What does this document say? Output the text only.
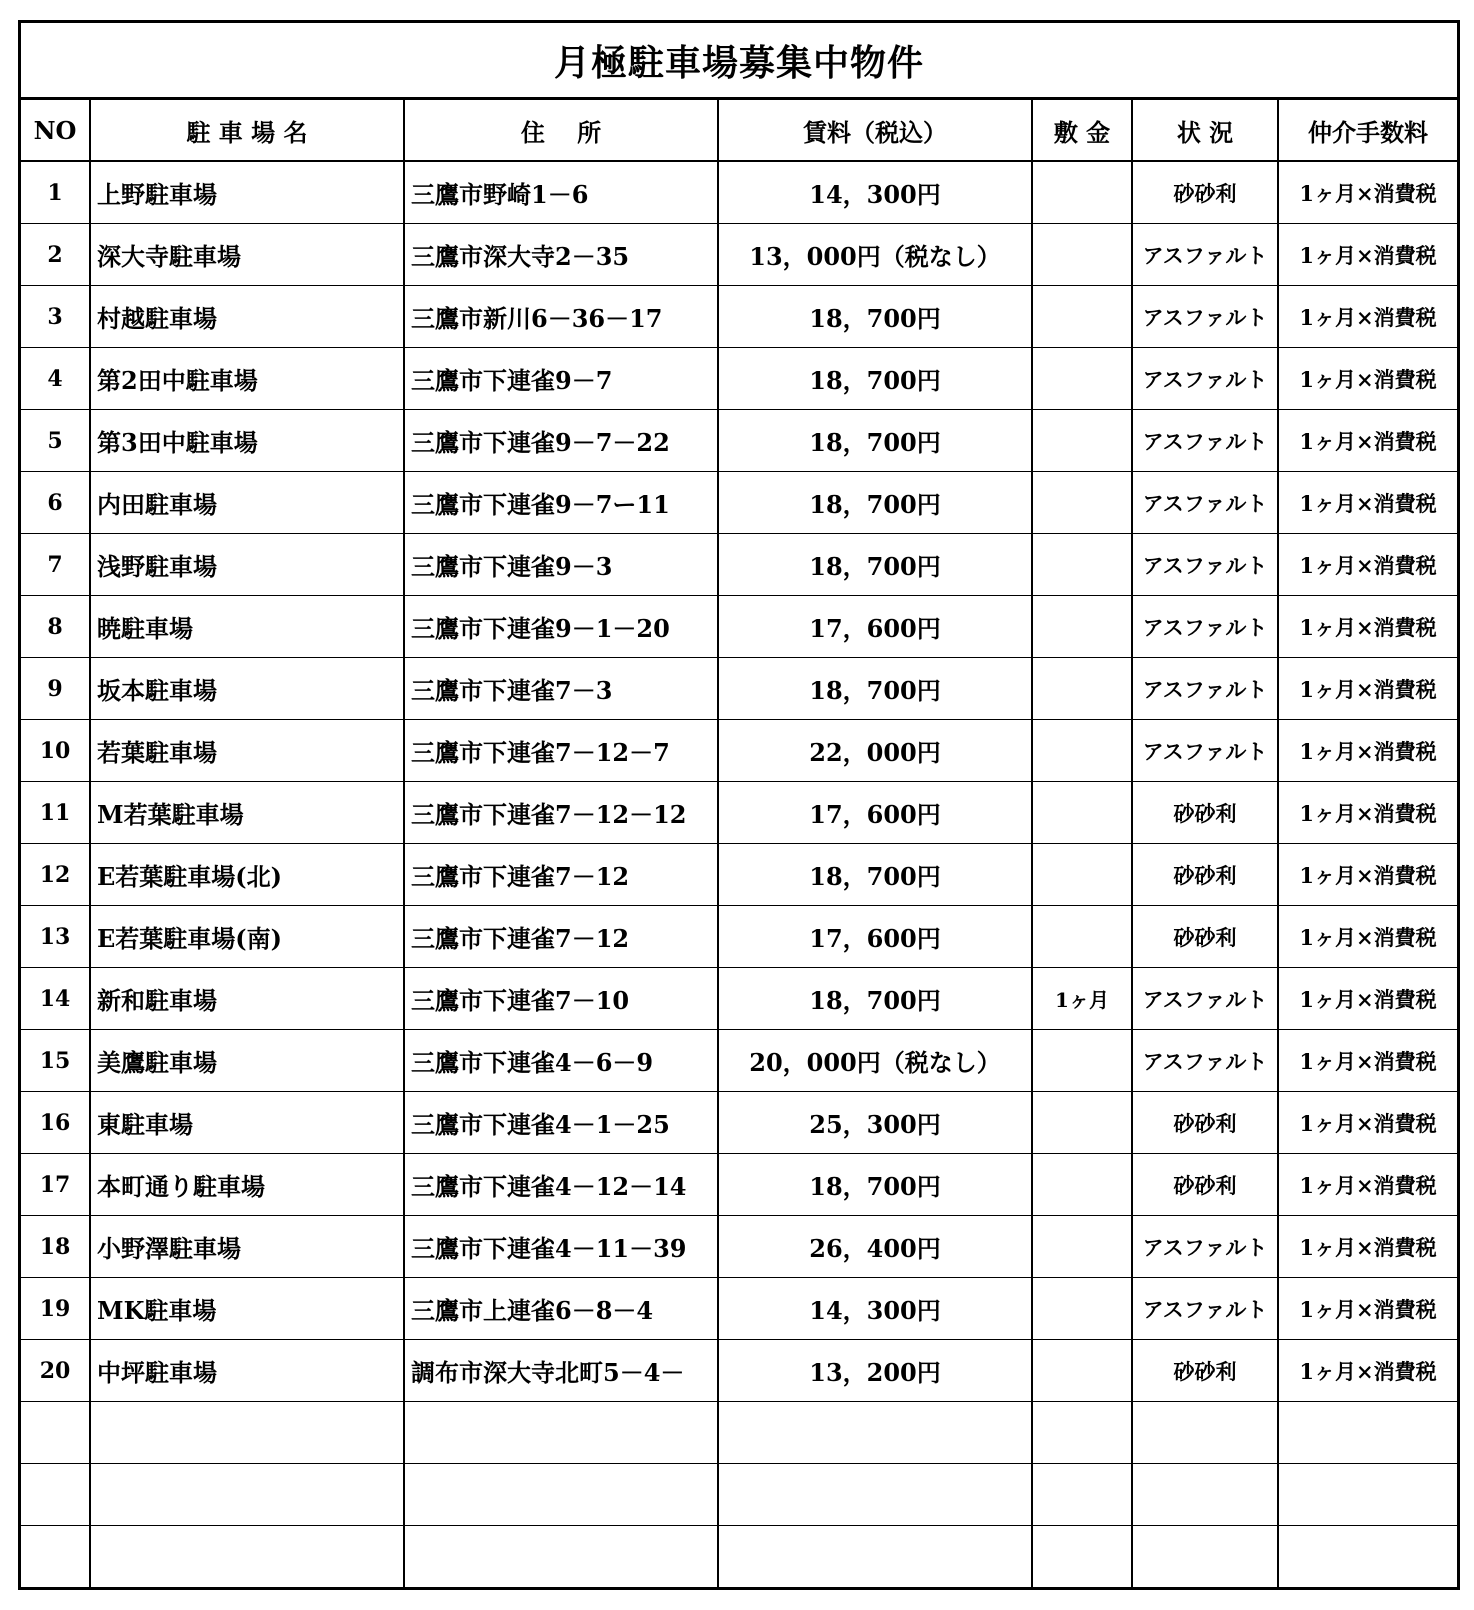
月極駐車場募集中物件
NO	駐 車 場 名	住　 所	賃料（税込）	敷 金	状 況	仲介手数料
1	上野駐車場	三鷹市野崎1－6	14，300円		砂砂利	1ヶ月×消費税
2	深大寺駐車場	三鷹市深大寺2－35	13，000円（税なし）		アスファルト	1ヶ月×消費税
3	村越駐車場	三鷹市新川6－36－17	18，700円		アスファルト	1ヶ月×消費税
4	第2田中駐車場	三鷹市下連雀9－7	18，700円		アスファルト	1ヶ月×消費税
5	第3田中駐車場	三鷹市下連雀9－7－22	18，700円		アスファルト	1ヶ月×消費税
6	内田駐車場	三鷹市下連雀9－7ー11	18，700円		アスファルト	1ヶ月×消費税
7	浅野駐車場	三鷹市下連雀9－3	18，700円		アスファルト	1ヶ月×消費税
8	暁駐車場	三鷹市下連雀9－1－20	17，600円		アスファルト	1ヶ月×消費税
9	坂本駐車場	三鷹市下連雀7－3	18，700円		アスファルト	1ヶ月×消費税
10	若葉駐車場	三鷹市下連雀7－12－7	22，000円		アスファルト	1ヶ月×消費税
11	M若葉駐車場	三鷹市下連雀7－12－12	17，600円		砂砂利	1ヶ月×消費税
12	E若葉駐車場(北)	三鷹市下連雀7－12	18，700円		砂砂利	1ヶ月×消費税
13	E若葉駐車場(南)	三鷹市下連雀7－12	17，600円		砂砂利	1ヶ月×消費税
14	新和駐車場	三鷹市下連雀7－10	18，700円	1ヶ月	アスファルト	1ヶ月×消費税
15	美鷹駐車場	三鷹市下連雀4－6－9	20，000円（税なし）		アスファルト	1ヶ月×消費税
16	東駐車場	三鷹市下連雀4－1－25	25，300円		砂砂利	1ヶ月×消費税
17	本町通り駐車場	三鷹市下連雀4－12－14	18，700円		砂砂利	1ヶ月×消費税
18	小野澤駐車場	三鷹市下連雀4－11－39	26，400円		アスファルト	1ヶ月×消費税
19	MK駐車場	三鷹市上連雀6－8－4	14，300円		アスファルト	1ヶ月×消費税
20	中坪駐車場	調布市深大寺北町5－4－	13，200円		砂砂利	1ヶ月×消費税
